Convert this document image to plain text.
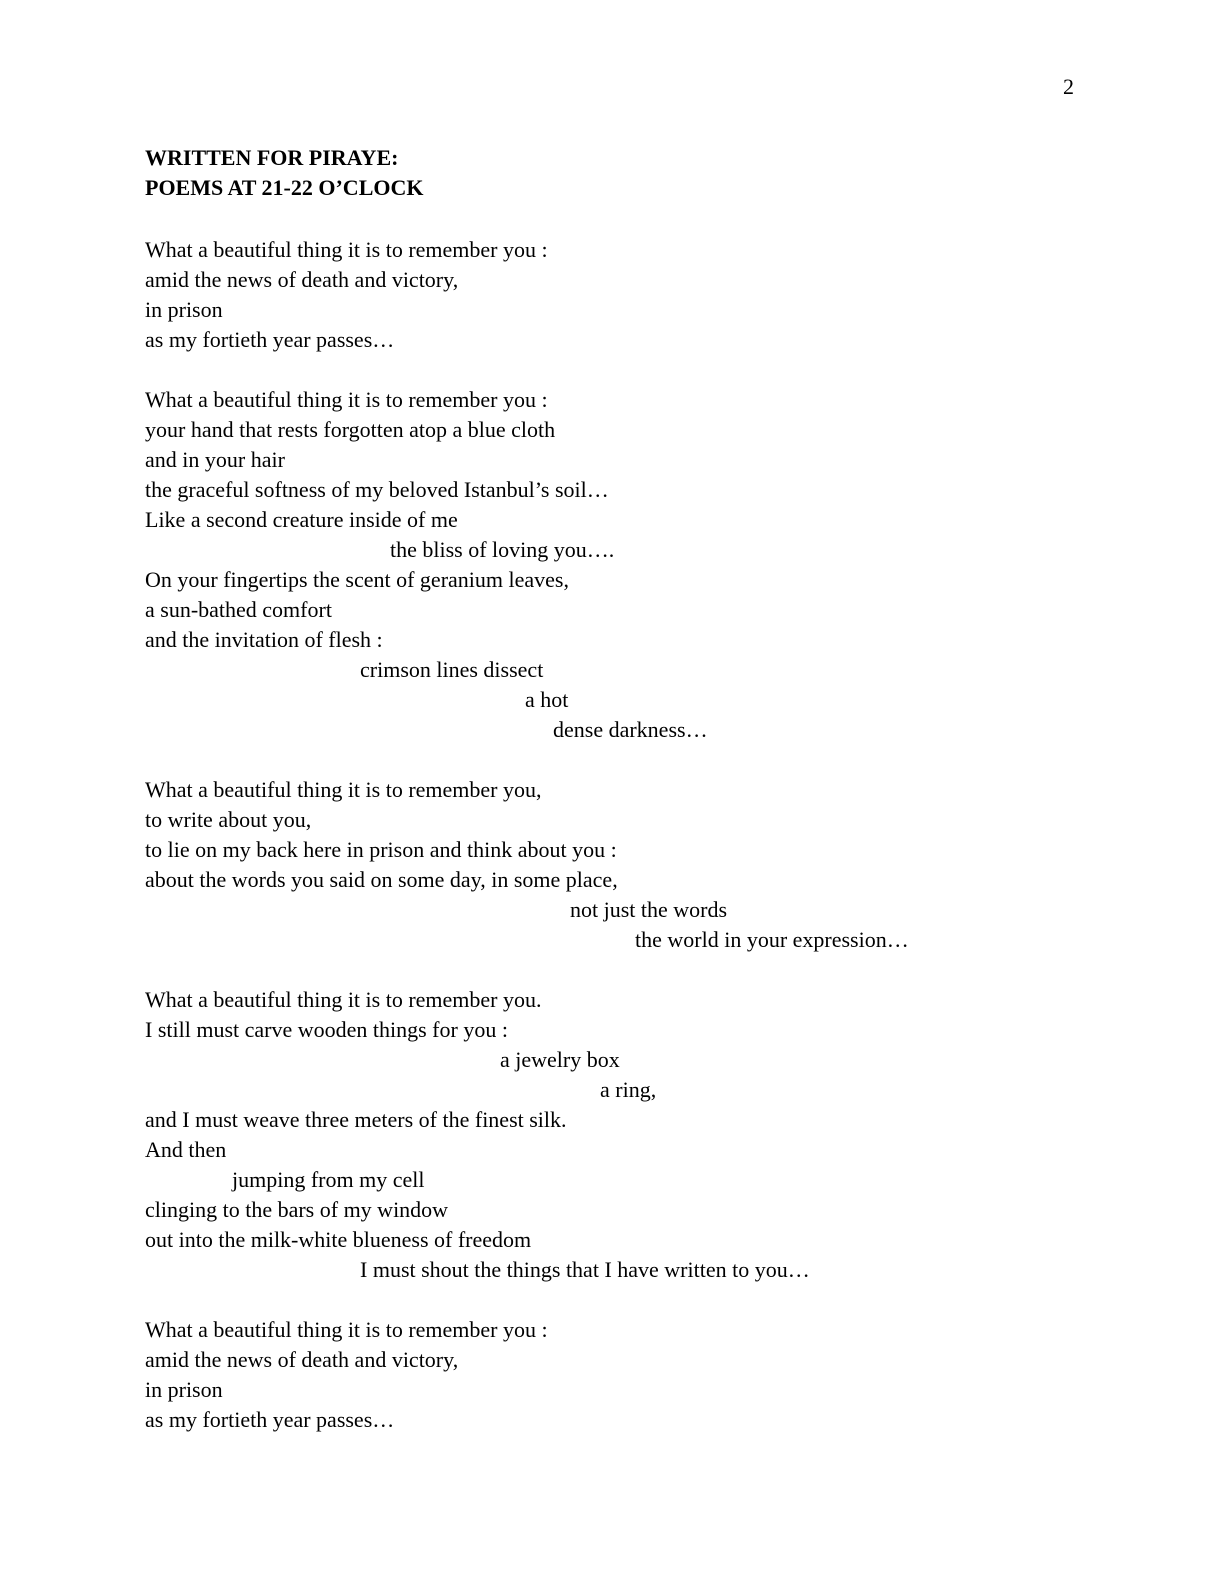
2
WRITTEN FOR PIRAYE:
POEMS AT 21-22 O’CLOCK
What a beautiful thing it is to remember you :
amid the news of death and victory,
in prison
as my fortieth year passes…
What a beautiful thing it is to remember you :
your hand that rests forgotten atop a blue cloth
and in your hair
the graceful softness of my beloved Istanbul’s soil…
Like a second creature inside of me
the bliss of loving you….
On your fingertips the scent of geranium leaves,
a sun-bathed comfort
and the invitation of flesh :
crimson lines dissect
a hot
dense darkness…
What a beautiful thing it is to remember you,
to write about you,
to lie on my back here in prison and think about you :
about the words you said on some day, in some place,
not just the words
the world in your expression…
What a beautiful thing it is to remember you.
I still must carve wooden things for you :
a jewelry box
a ring,
and I must weave three meters of the finest silk.
And then
jumping from my cell
clinging to the bars of my window
out into the milk-white blueness of freedom
I must shout the things that I have written to you…
What a beautiful thing it is to remember you :
amid the news of death and victory,
in prison
as my fortieth year passes…
